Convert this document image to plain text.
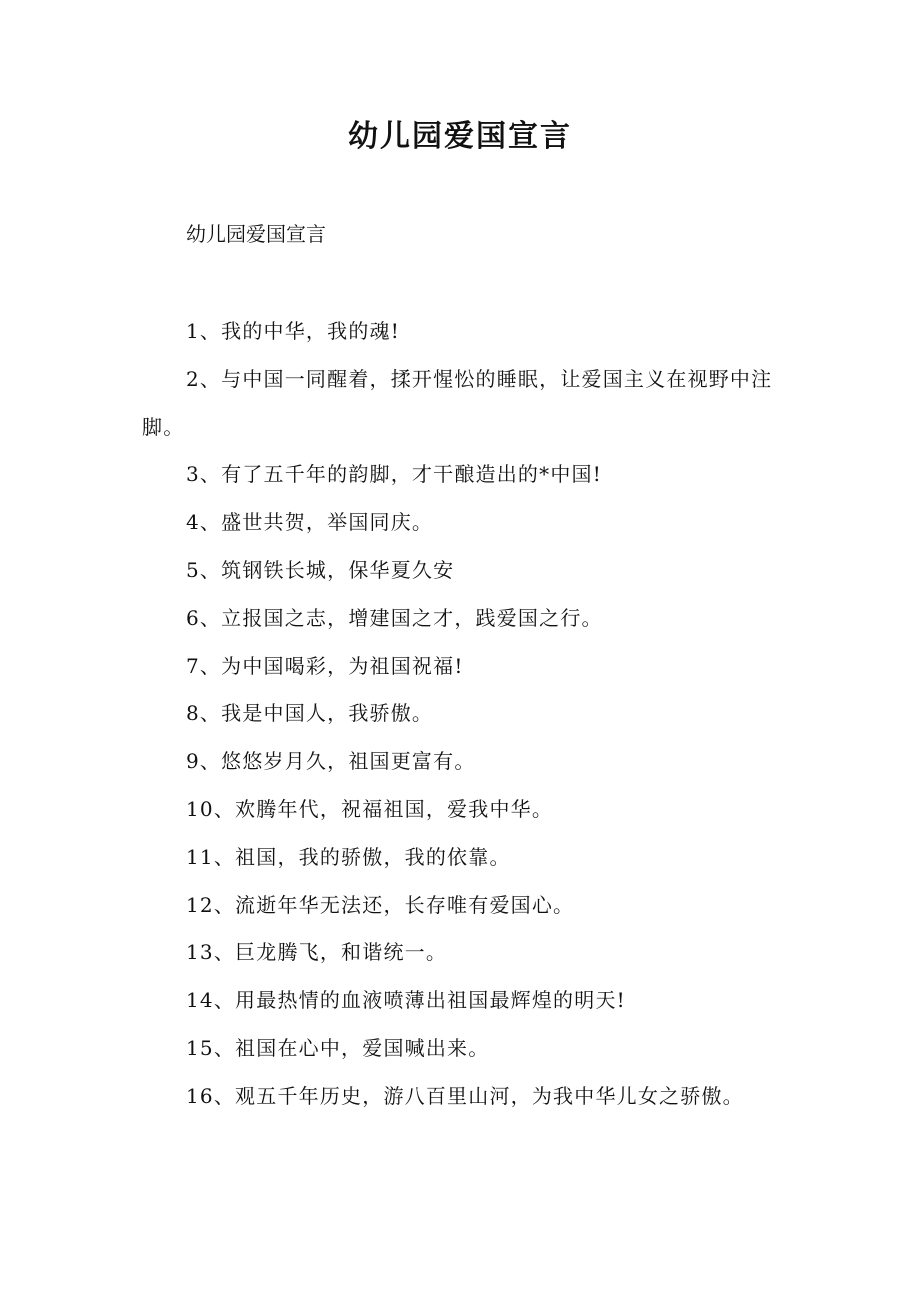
幼儿园爱国宣言
幼儿园爱国宣言
1、我的中华，我的魂!
2、与中国一同醒着，揉开惺忪的睡眠，让爱国主义在视野中注脚。
3、有了五千年的韵脚，才干酿造出的*中国!
4、盛世共贺，举国同庆。
5、筑钢铁长城，保华夏久安
6、立报国之志，增建国之才，践爱国之行。
7、为中国喝彩，为祖国祝福!
8、我是中国人，我骄傲。
9、悠悠岁月久，祖国更富有。
10、欢腾年代，祝福祖国，爱我中华。
11、祖国，我的骄傲，我的依靠。
12、流逝年华无法还，长存唯有爱国心。
13、巨龙腾飞，和谐统一。
14、用最热情的血液喷薄出祖国最辉煌的明天!
15、祖国在心中，爱国喊出来。
16、观五千年历史，游八百里山河，为我中华儿女之骄傲。
